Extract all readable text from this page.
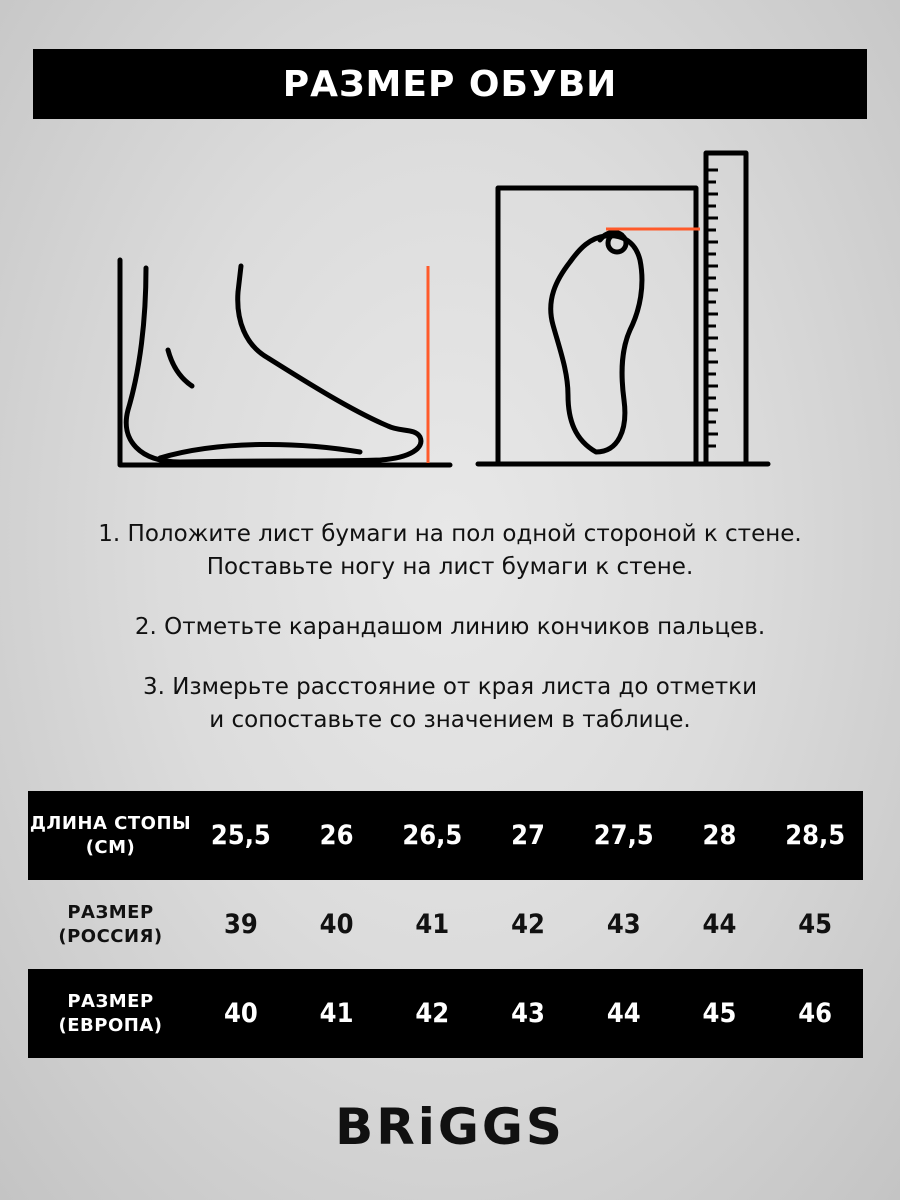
РАЗМЕР ОБУВИ

1. Положите лист бумаги на пол одной стороной к стене.
Поставьте ногу на лист бумаги к стене.

2. Отметьте карандашом линию кончиков пальцев.

3. Измерьте расстояние от края листа до отметки
и сопоставьте со значением в таблице.

ДЛИНА СТОПЫ
(СМ)	25,5	26	26,5	27	27,5	28	28,5
РАЗМЕР
(РОССИЯ)	39	40	41	42	43	44	45
РАЗМЕР
(ЕВРОПА)	40	41	42	43	44	45	46
BRiGGS
